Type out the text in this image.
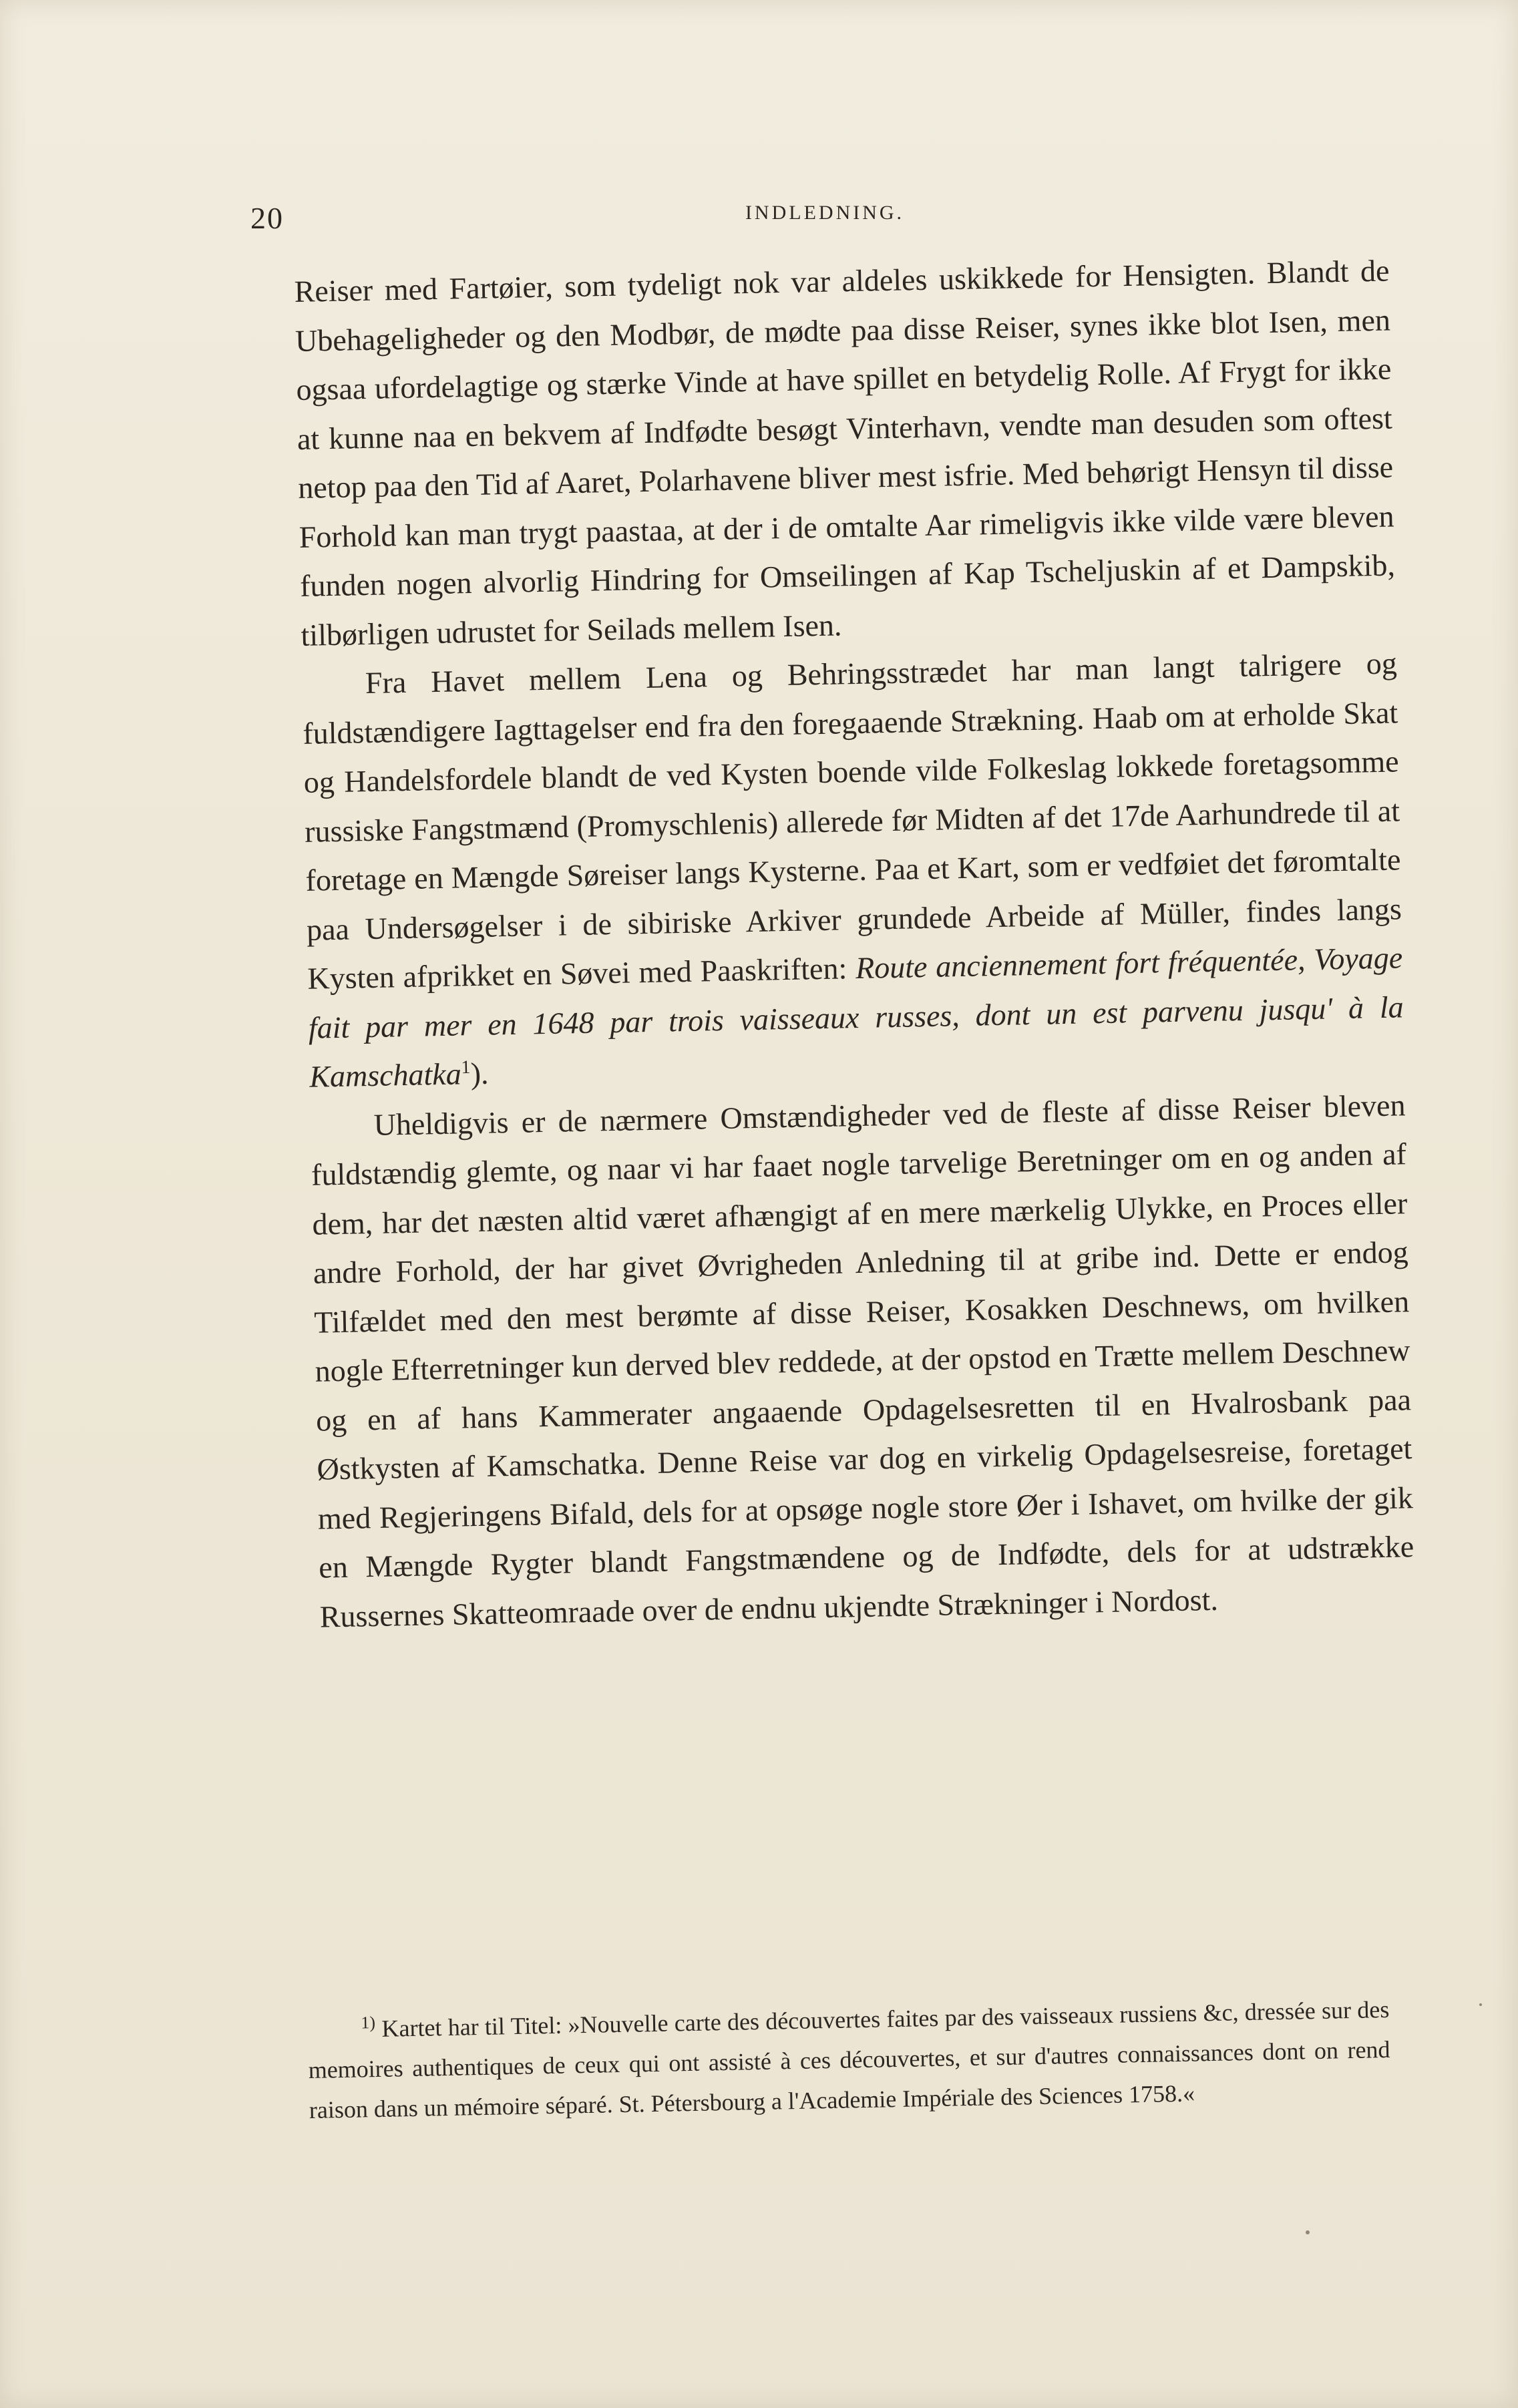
20	INDLEDNING.

Reiser med Fartøier, som tydeligt nok var aldeles uskikkede for Hensigten. Blandt de Ubehageligheder og den Modbør, de mødte paa disse Reiser, synes ikke blot Isen, men ogsaa ufordelagtige og stærke Vinde at have spillet en betydelig Rolle. Af Frygt for ikke at kunne naa en bekvem af Indfødte besøgt Vinterhavn, vendte man desuden som oftest netop paa den Tid af Aaret, Polarhavene bliver mest isfrie. Med behørigt Hensyn til disse Forhold kan man trygt paastaa, at der i de omtalte Aar rimeligvis ikke vilde være bleven funden nogen alvorlig Hindring for Omseilingen af Kap Tscheljuskin af et Dampskib, tilbørligen udrustet for Seilads mellem Isen.

Fra Havet mellem Lena og Behringsstrædet har man langt talrigere og fuldstændigere Iagttagelser end fra den foregaaende Strækning. Haab om at erholde Skat og Handelsfordele blandt de ved Kysten boende vilde Folkeslag lokkede foretagsomme russiske Fangstmænd (Promyschlenis) allerede før Midten af det 17de Aarhundrede til at foretage en Mængde Søreiser langs Kysterne. Paa et Kart, som er vedføiet det føromtalte paa Undersøgelser i de sibiriske Arkiver grundede Arbeide af Müller, findes langs Kysten afprikket en Søvei med Paaskriften: Route anciennement fort fréquentée, Voyage fait par mer en 1648 par trois vaisseaux russes, dont un est parvenu jusqu' à la Kamschatka$^1$).

Uheldigvis er de nærmere Omstændigheder ved de fleste af disse Reiser bleven fuldstændig glemte, og naar vi har faaet nogle tarvelige Beretninger om en og anden af dem, har det næsten altid været afhængigt af en mere mærkelig Ulykke, en Proces eller andre Forhold, der har givet Øvrigheden Anledning til at gribe ind. Dette er endog Tilfældet med den mest berømte af disse Reiser, Kosakken Deschnews, om hvilken nogle Efterretninger kun derved blev reddede, at der opstod en Trætte mellem Deschnew og en af hans Kammerater angaaende Opdagelsesretten til en Hvalrosbank paa Østkysten af Kamschatka. Denne Reise var dog en virkelig Opdagelsesreise, foretaget med Regjeringens Bifald, dels for at opsøge nogle store Øer i Ishavet, om hvilke der gik en Mængde Rygter blandt Fangstmændene og de Indfødte, dels for at udstrække Russernes Skatteomraade over de endnu ukjendte Strækninger i Nordost.

$^{1)}$ Kartet har til Titel: »Nouvelle carte des découvertes faites par des vaisseaux russiens &c, dressée sur des memoires authentiques de ceux qui ont assisté à ces découvertes, et sur d'autres connaissances dont on rend raison dans un mémoire séparé. St. Pétersbourg a l'Academie Impériale des Sciences 1758.«
